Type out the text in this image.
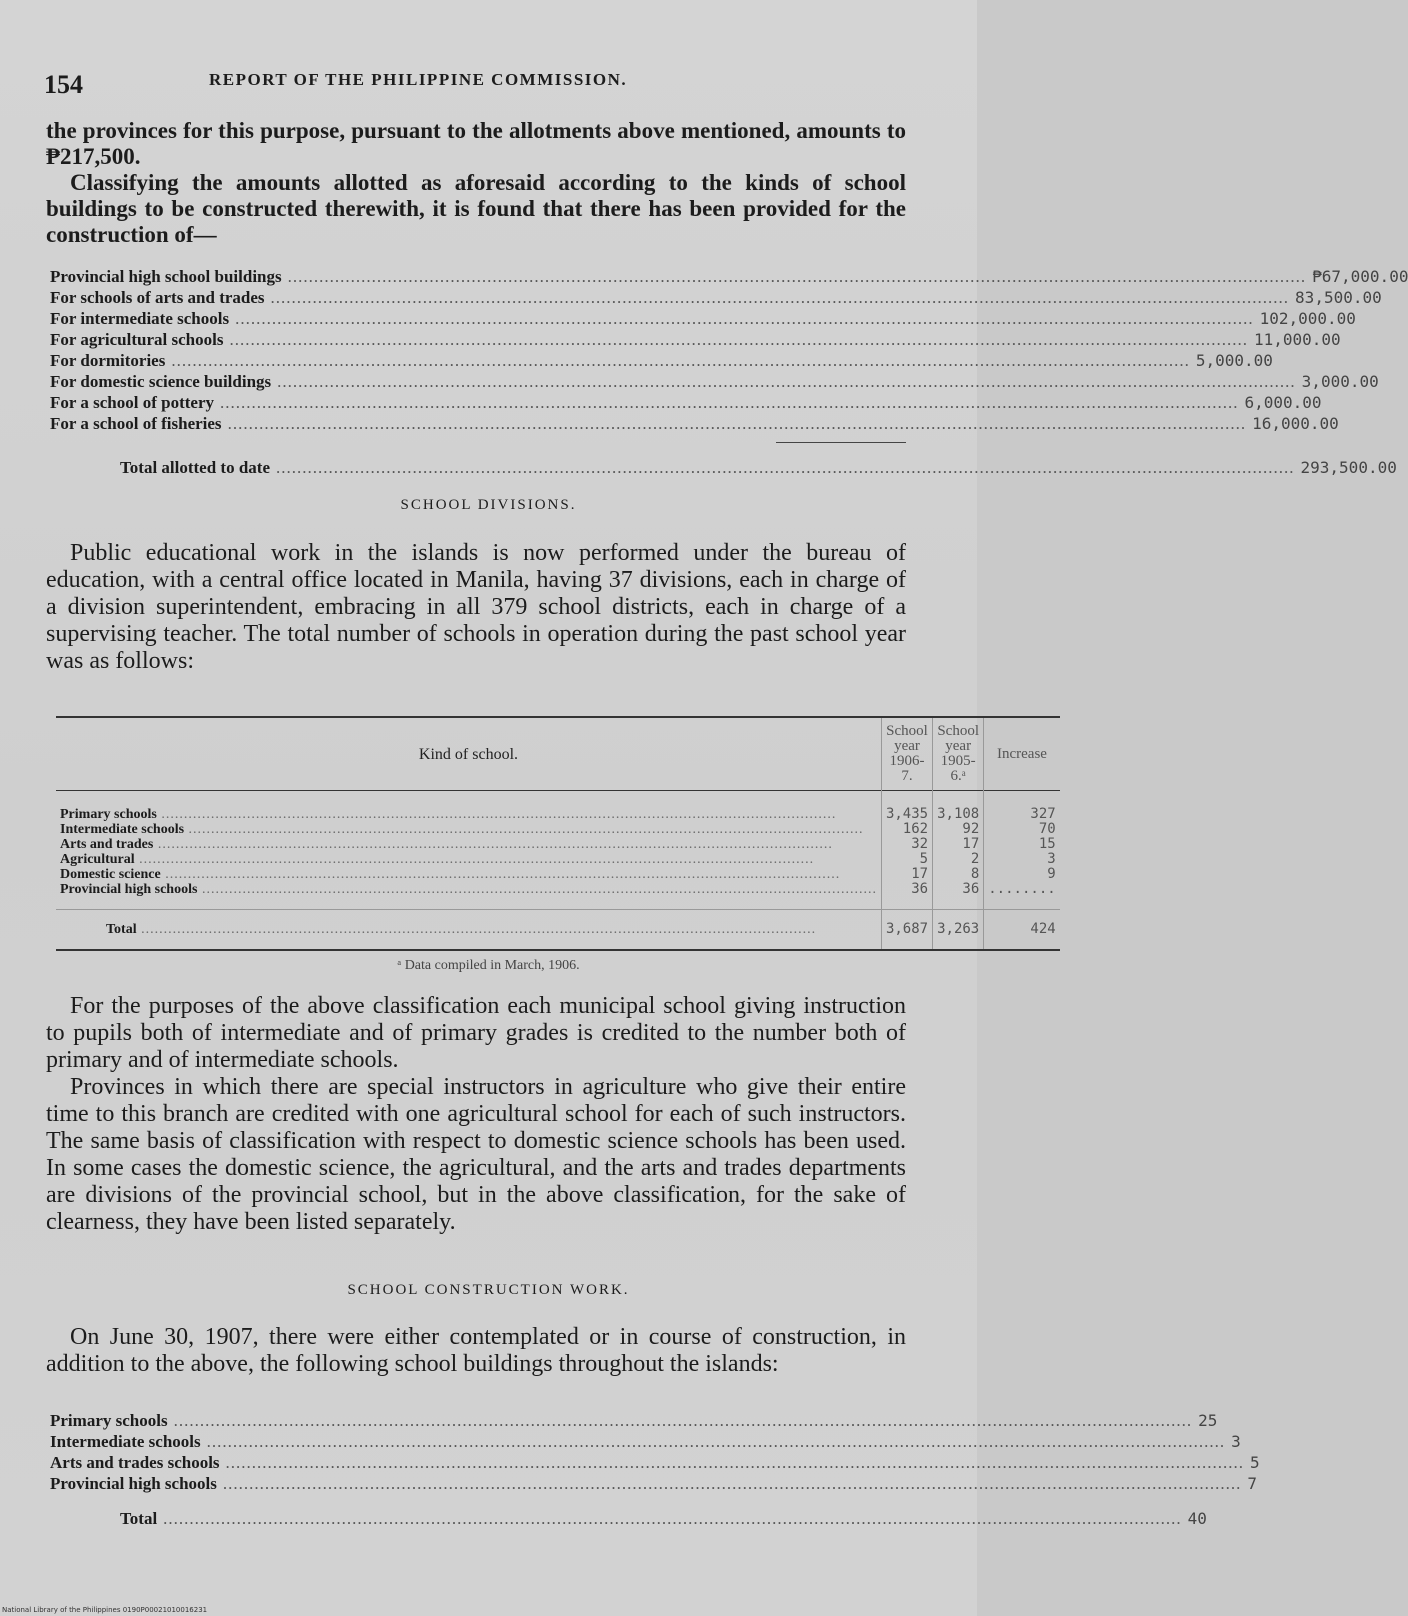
154	REPORT OF THE PHILIPPINE COMMISSION.

the provinces for this purpose, pursuant to the allotments above mentioned, amounts to ₱217,500.

Classifying the amounts allotted as aforesaid according to the kinds of school buildings to be constructed therewith, it is found that there has been provided for the construction of—

Provincial high school buildings .....	₱67,000.00
For schools of arts and trades .....	83,500.00
For intermediate schools .....	102,000.00
For agricultural schools .....	11,000.00
For dormitories .....	5,000.00
For domestic science buildings .....	3,000.00
For a school of pottery .....	6,000.00
For a school of fisheries .....	16,000.00
Total allotted to date .....	293,500.00
SCHOOL DIVISIONS.

Public educational work in the islands is now performed under the bureau of education, with a central office located in Manila, having 37 divisions, each in charge of a division superintendent, embracing in all 379 school districts, each in charge of a supervising teacher. The total number of schools in operation during the past school year was as follows:

Kind of school.	School year 1906-7.	School year 1905-6.ᵃ	Increase
Primary schools .....	3,435	3,108	327
Intermediate schools .....	162	92	70
Arts and trades .....	32	17	15
Agricultural .....	5	2	3
Domestic science .....	17	8	9
Provincial high schools .....	36	36	........
Total .....	3,687	3,263	424
ᵃ Data compiled in March, 1906.

For the purposes of the above classification each municipal school giving instruction to pupils both of intermediate and of primary grades is credited to the number both of primary and of intermediate schools.

Provinces in which there are special instructors in agriculture who give their entire time to this branch are credited with one agricultural school for each of such instructors. The same basis of classification with respect to domestic science schools has been used. In some cases the domestic science, the agricultural, and the arts and trades departments are divisions of the provincial school, but in the above classification, for the sake of clearness, they have been listed separately.

SCHOOL CONSTRUCTION WORK.

On June 30, 1907, there were either contemplated or in course of construction, in addition to the above, the following school buildings throughout the islands:

Primary schools .....	25
Intermediate schools .....	3
Arts and trades schools .....	5
Provincial high schools .....	7
Total .....	40
National Library of the Philippines 0190P00021010016231
